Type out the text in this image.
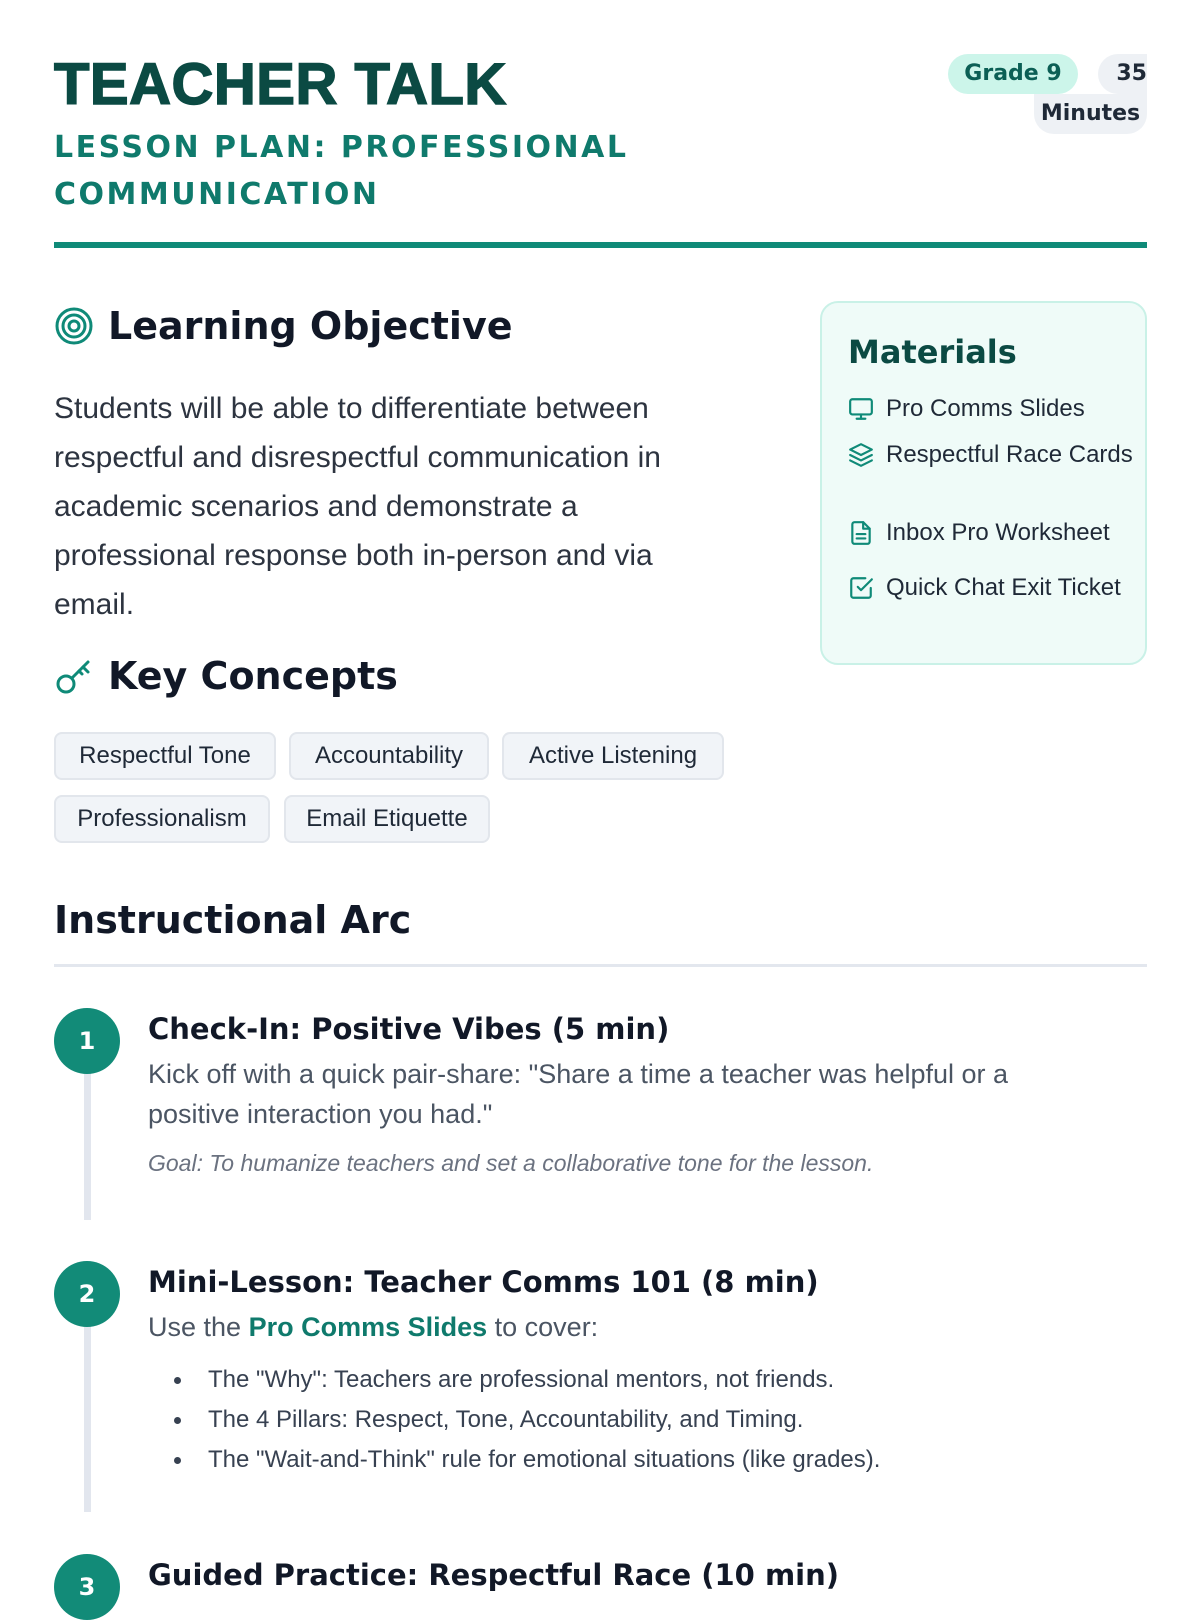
TEACHER TALK

LESSON PLAN: PROFESSIONAL COMMUNICATION

Grade 9	35
Minutes
Learning Objective

Students will be able to differentiate between respectful and disrespectful communication in academic scenarios and demonstrate a professional response both in-person and via email.

Materials
Pro Comms Slides
Respectful Race Cards
Inbox Pro Worksheet
Quick Chat Exit Ticket
Key Concepts
Respectful Tone	Accountability	Active Listening
Professionalism	Email Etiquette
Instructional Arc
1	Check-In: Positive Vibes (5 min)

Kick off with a quick pair-share: "Share a time a teacher was helpful or a positive interaction you had."

Goal: To humanize teachers and set a collaborative tone for the lesson.

2	Mini-Lesson: Teacher Comms 101 (8 min)

Use the Pro Comms Slides to cover:

The "Why": Teachers are professional mentors, not friends.
The 4 Pillars: Respect, Tone, Accountability, and Timing.
The "Wait-and-Think" rule for emotional situations (like grades).
3	Guided Practice: Respectful Race (10 min)
